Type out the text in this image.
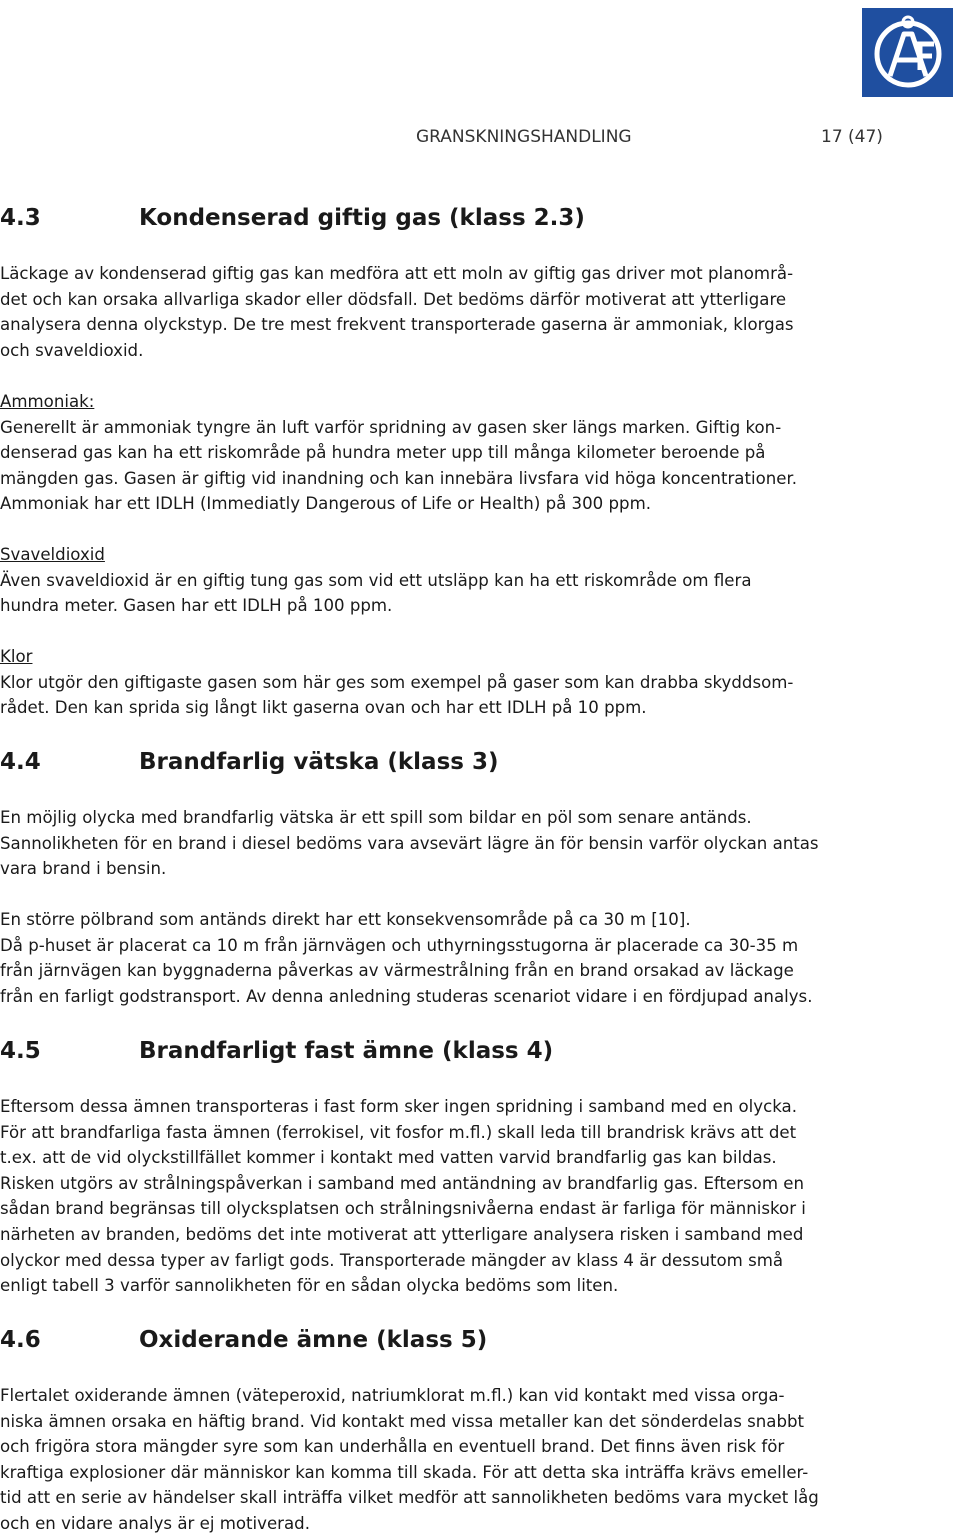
GRANSKNINGSHANDLING	17 (47)
4.3	Kondenserad giftig gas (klass 2.3)
Läckage av kondenserad giftig gas kan medföra att ett moln av giftig gas driver mot planområ-
det och kan orsaka allvarliga skador eller dödsfall. Det bedöms därför motiverat att ytterligare
analysera denna olyckstyp. De tre mest frekvent transporterade gaserna är ammoniak, klorgas
och svaveldioxid.
Ammoniak:
Generellt är ammoniak tyngre än luft varför spridning av gasen sker längs marken. Giftig kon-
denserad gas kan ha ett riskområde på hundra meter upp till många kilometer beroende på
mängden gas. Gasen är giftig vid inandning och kan innebära livsfara vid höga koncentrationer.
Ammoniak har ett IDLH (Immediatly Dangerous of Life or Health) på 300 ppm.
Svaveldioxid
Även svaveldioxid är en giftig tung gas som vid ett utsläpp kan ha ett riskområde om flera
hundra meter. Gasen har ett IDLH på 100 ppm.
Klor
Klor utgör den giftigaste gasen som här ges som exempel på gaser som kan drabba skyddsom-
rådet. Den kan sprida sig långt likt gaserna ovan och har ett IDLH på 10 ppm.
4.4	Brandfarlig vätska (klass 3)
En möjlig olycka med brandfarlig vätska är ett spill som bildar en pöl som senare antänds.
Sannolikheten för en brand i diesel bedöms vara avsevärt lägre än för bensin varför olyckan antas
vara brand i bensin.
En större pölbrand som antänds direkt har ett konsekvensområde på ca 30 m [10].
Då p-huset är placerat ca 10 m från järnvägen och uthyrningsstugorna är placerade ca 30-35 m
från järnvägen kan byggnaderna påverkas av värmestrålning från en brand orsakad av läckage
från en farligt godstransport. Av denna anledning studeras scenariot vidare i en fördjupad analys.
4.5	Brandfarligt fast ämne (klass 4)
Eftersom dessa ämnen transporteras i fast form sker ingen spridning i samband med en olycka.
För att brandfarliga fasta ämnen (ferrokisel, vit fosfor m.fl.) skall leda till brandrisk krävs att det
t.ex. att de vid olyckstillfället kommer i kontakt med vatten varvid brandfarlig gas kan bildas.
Risken utgörs av strålningspåverkan i samband med antändning av brandfarlig gas. Eftersom en
sådan brand begränsas till olycksplatsen och strålningsnivåerna endast är farliga för människor i
närheten av branden, bedöms det inte motiverat att ytterligare analysera risken i samband med
olyckor med dessa typer av farligt gods. Transporterade mängder av klass 4 är dessutom små
enligt tabell 3 varför sannolikheten för en sådan olycka bedöms som liten.
4.6	Oxiderande ämne (klass 5)
Flertalet oxiderande ämnen (väteperoxid, natriumklorat m.fl.) kan vid kontakt med vissa orga-
niska ämnen orsaka en häftig brand. Vid kontakt med vissa metaller kan det sönderdelas snabbt
och frigöra stora mängder syre som kan underhålla en eventuell brand. Det finns även risk för
kraftiga explosioner där människor kan komma till skada. För att detta ska inträffa krävs emeller-
tid att en serie av händelser skall inträffa vilket medför att sannolikheten bedöms vara mycket låg
och en vidare analys är ej motiverad.
